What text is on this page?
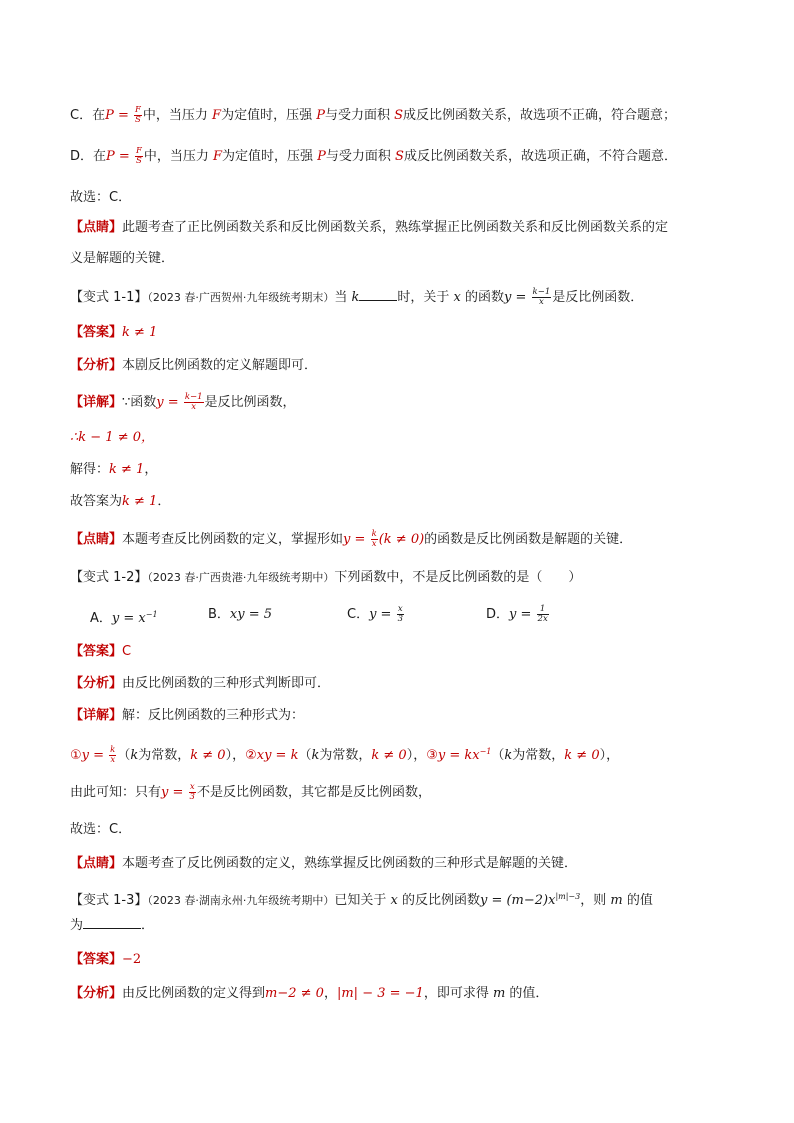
C．在$P = \frac{F}{S}$ 中，当压力 F为定值时，压强 P与受力面积 S成反比例函数关系，故选项不正确，符合题意；
D．在$P = \frac{F}{S}$ 中，当压力 F为定值时，压强 P与受力面积 S成反比例函数关系，故选项正确，不符合题意．
故选：C．
【点睛】此题考查了正比例函数关系和反比例函数关系，熟练掌握正比例函数关系和反比例函数关系的定
义是解题的关键．
【变式 1-1】（2023 春·广西贺州·九年级统考期末）当 k	时，关于 x 的函数$y = \frac{k-1}{x}$ 是反比例函数．
【答案】k ≠ 1
【分析】本剧反比例函数的定义解题即可．
【详解】∵函数$y = \frac{k-1}{x}$ 是反比例函数，
∴k − 1 ≠ 0，
解得：k ≠ 1，
故答案为k ≠ 1．
【点睛】本题考查反比例函数的定义，掌握形如$y = \frac{k}{x} (k \ne 0)$的函数是反比例函数是解题的关键．
【变式 1-2】（2023 春·广西贵港·九年级统考期中）下列函数中，不是反比例函数的是（　　）
A．$y = x^{-1}$	B．xy = 5	C．$y = \frac{x}{3}$	D．$y = \frac{1}{2x}$
【答案】C
【分析】由反比例函数的三种形式判断即可．
【详解】解：反比例函数的三种形式为：
①y = $\frac{k}{x} (k$为常数，k ≠ 0），②xy = k（k为常数，k ≠ 0），③y = $kx^{-1}(k$为常数，k ≠ 0），
由此可知：只有$y = \frac{x}{3}$ 不是反比例函数，其它都是反比例函数，
故选：C．
【点睛】本题考查了反比例函数的定义，熟练掌握反比例函数的三种形式是解题的关键．
【变式 1-3】（2023 春·湖南永州·九年级统考期中）已知关于 x 的反比例函数$y = (m-2)x^{|m|-3}$，则 m 的值
为	．
【答案】−2
【分析】由反比例函数的定义得到m−2 ≠ 0，|m| − 3 = −1，即可求得 m 的值．
